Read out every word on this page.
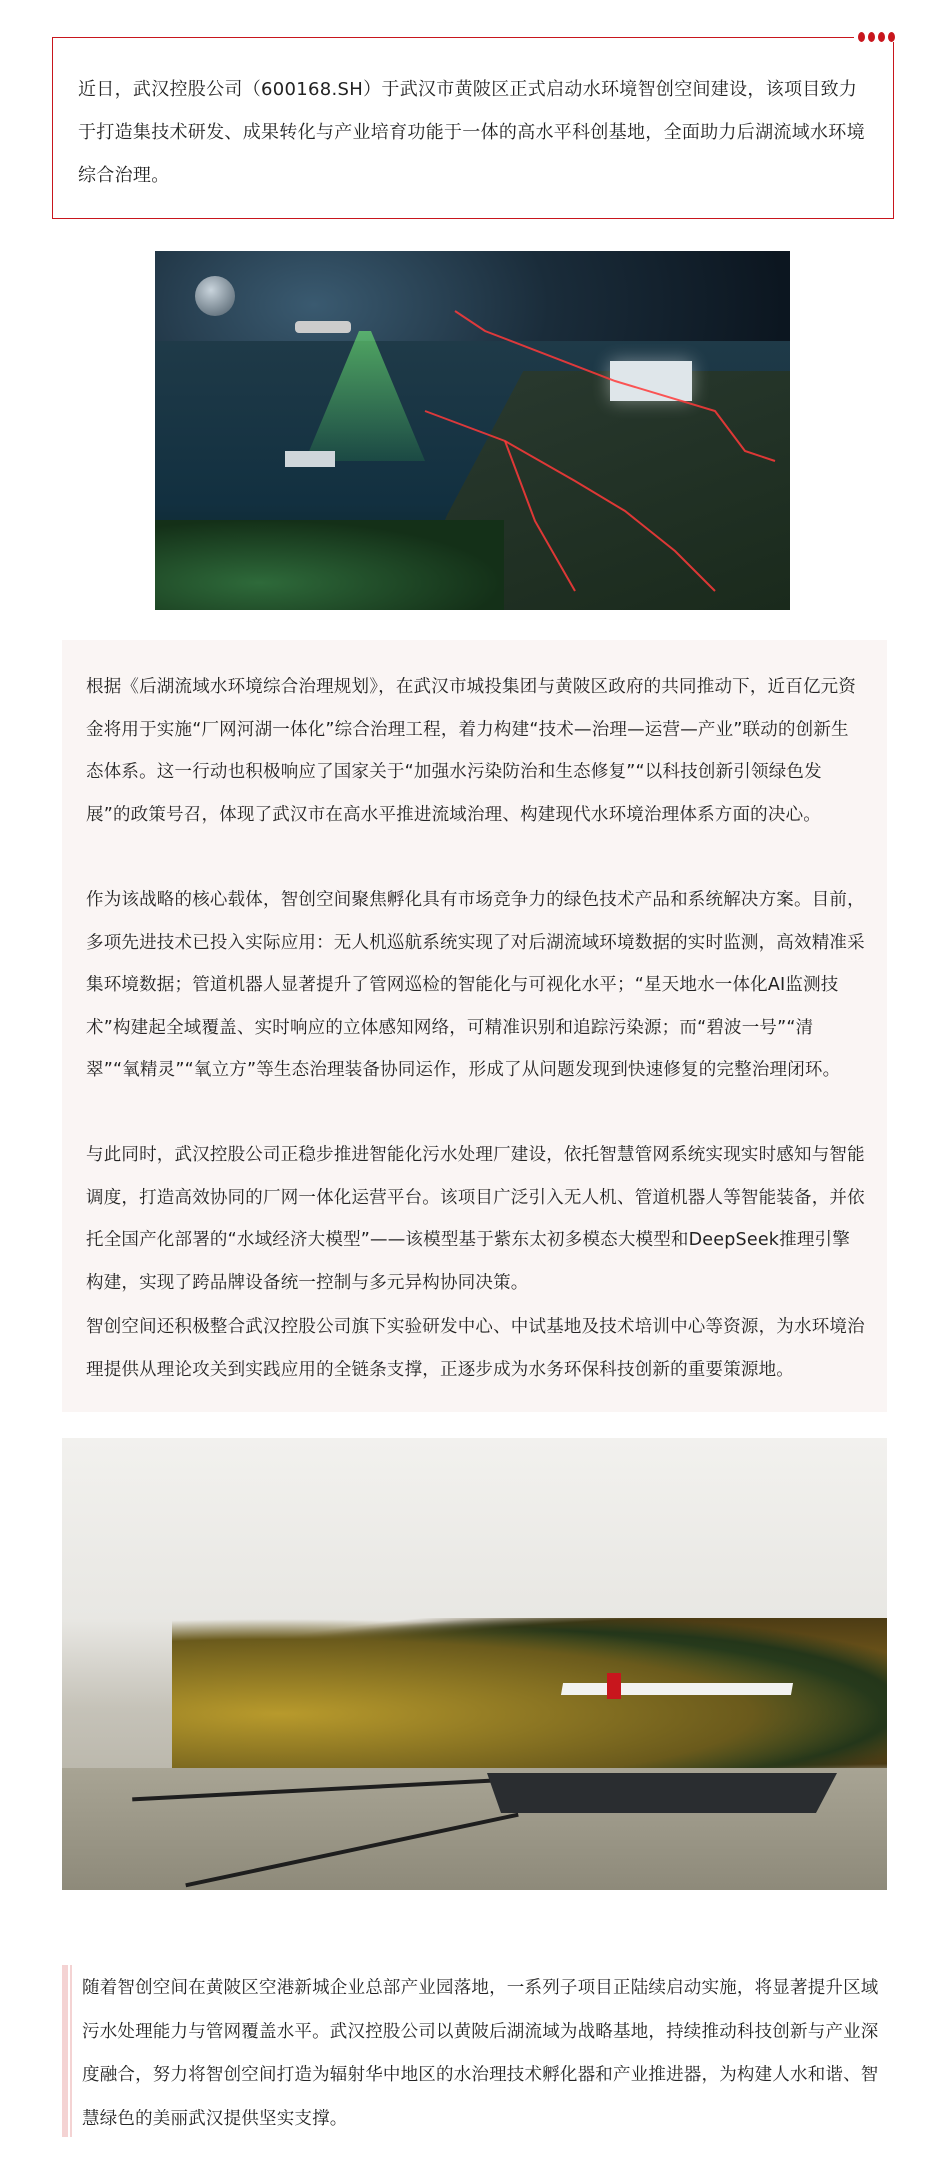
近日，武汉控股公司（600168.SH）于武汉市黄陂区正式启动水环境智创空间建设，该项目致力于打造集技术研发、成果转化与产业培育功能于一体的高水平科创基地，全面助力后湖流域水环境综合治理。

根据《后湖流域水环境综合治理规划》，在武汉市城投集团与黄陂区政府的共同推动下，近百亿元资金将用于实施“厂网河湖一体化”综合治理工程，着力构建“技术—治理—运营—产业”联动的创新生态体系。这一行动也积极响应了国家关于“加强水污染防治和生态修复”“以科技创新引领绿色发展”的政策号召，体现了武汉市在高水平推进流域治理、构建现代水环境治理体系方面的决心。

作为该战略的核心载体，智创空间聚焦孵化具有市场竞争力的绿色技术产品和系统解决方案。目前，多项先进技术已投入实际应用：无人机巡航系统实现了对后湖流域环境数据的实时监测，高效精准采集环境数据；管道机器人显著提升了管网巡检的智能化与可视化水平；“星天地水一体化AI监测技术”构建起全域覆盖、实时响应的立体感知网络，可精准识别和追踪污染源；而“碧波一号”“清翠”“氧精灵”“氧立方”等生态治理装备协同运作，形成了从问题发现到快速修复的完整治理闭环。

与此同时，武汉控股公司正稳步推进智能化污水处理厂建设，依托智慧管网系统实现实时感知与智能调度，打造高效协同的厂网一体化运营平台。该项目广泛引入无人机、管道机器人等智能装备，并依托全国产化部署的“水域经济大模型”——该模型基于紫东太初多模态大模型和DeepSeek推理引擎构建，实现了跨品牌设备统一控制与多元异构协同决策。

智创空间还积极整合武汉控股公司旗下实验研发中心、中试基地及技术培训中心等资源，为水环境治理提供从理论攻关到实践应用的全链条支撑，正逐步成为水务环保科技创新的重要策源地。

随着智创空间在黄陂区空港新城企业总部产业园落地，一系列子项目正陆续启动实施，将显著提升区域污水处理能力与管网覆盖水平。武汉控股公司以黄陂后湖流域为战略基地，持续推动科技创新与产业深度融合，努力将智创空间打造为辐射华中地区的水治理技术孵化器和产业推进器，为构建人水和谐、智慧绿色的美丽武汉提供坚实支撑。
